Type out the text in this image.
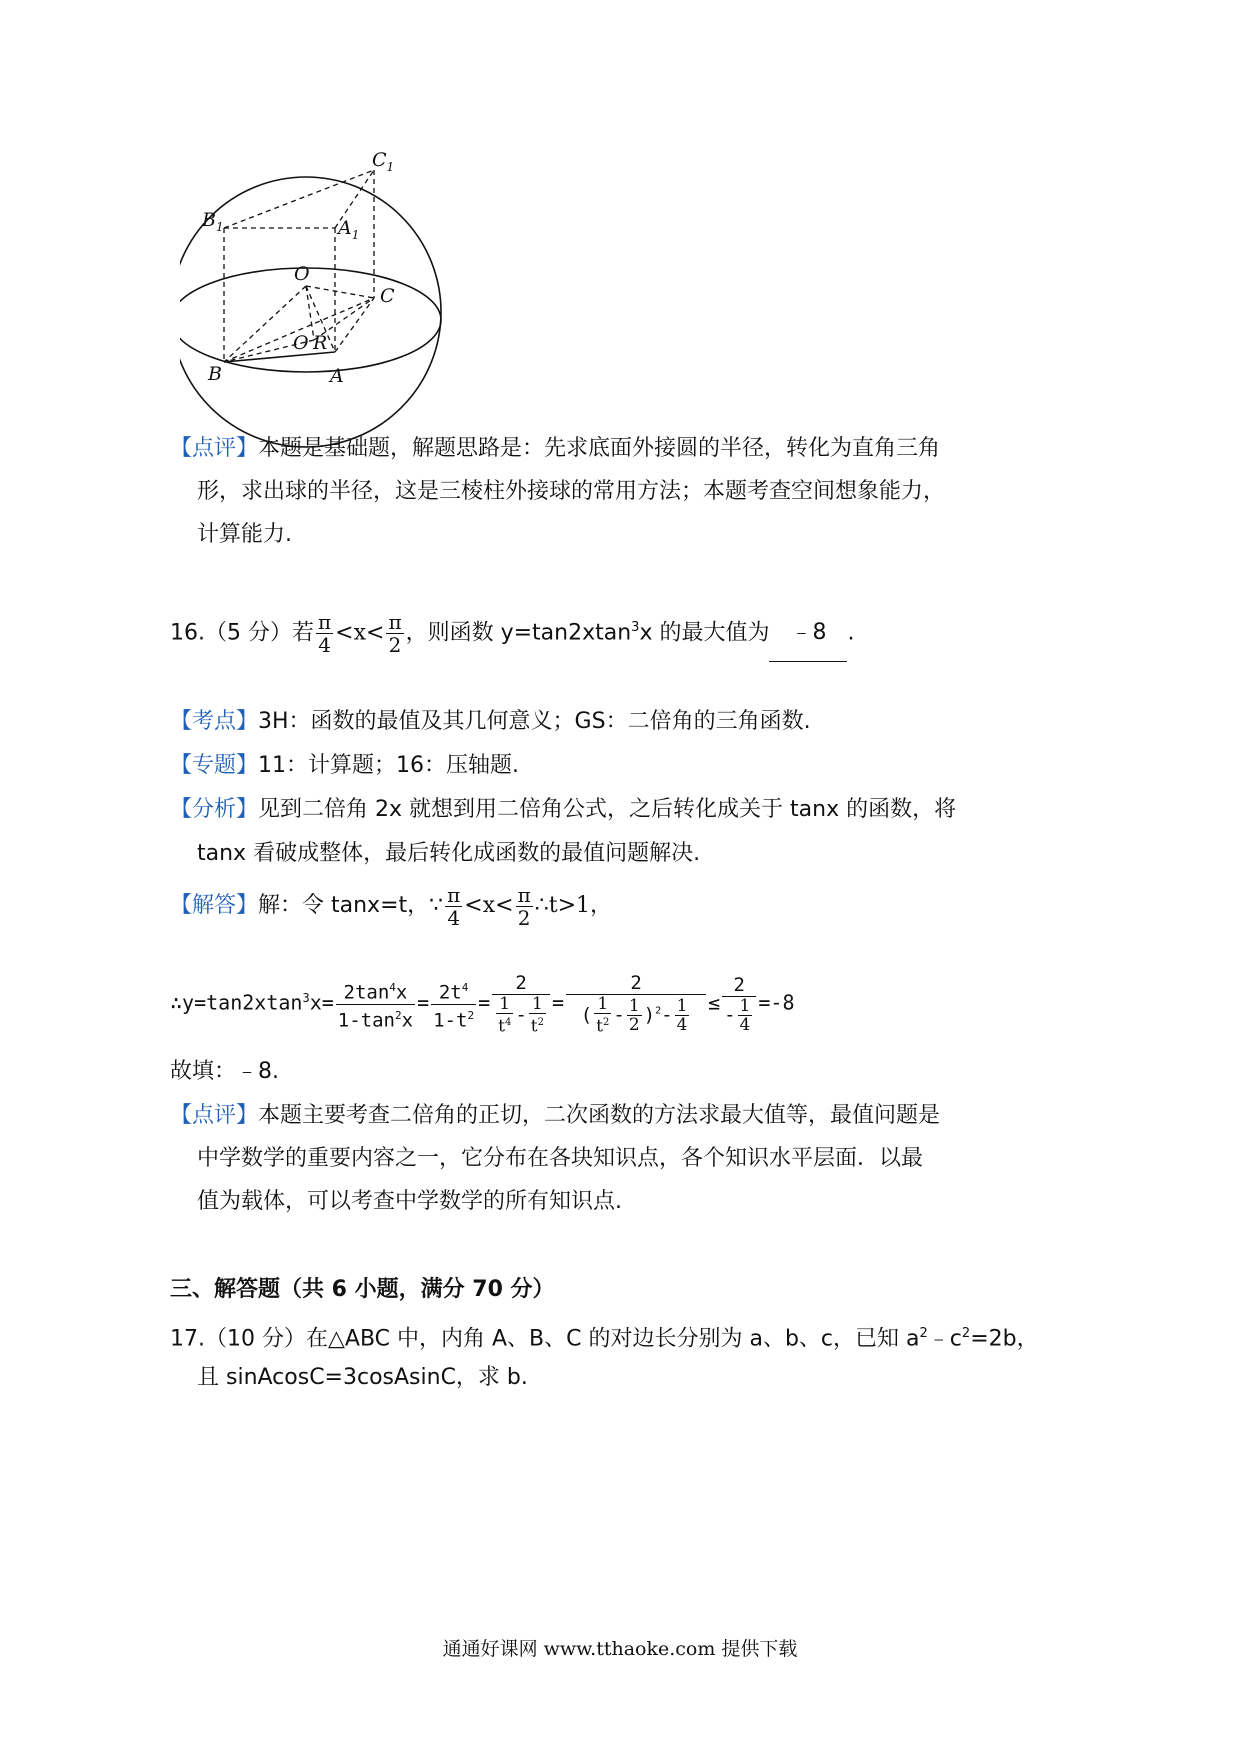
$C_1$
$B_1$	$A_1$
O
C
O R
B	A
【点评】本题是基础题，解题思路是：先求底面外接圆的半径，转化为直角三角
形，求出球的半径，这是三棱柱外接球的常用方法；本题考查空间想象能力，
计算能力.
16.（5 分）若 $\frac{\pi}{4} <x< \frac{\pi}{2}$ ，则函数 y=tan2xtan$^3$x 的最大值为 ﹣8 .
【考点】3H：函数的最值及其几何意义；GS：二倍角的三角函数.
【专题】11：计算题；16：压轴题.
【分析】见到二倍角 2x 就想到用二倍角公式，之后转化成关于 tanx 的函数，将
tanx 看破成整体，最后转化成函数的最值问题解决.
【解答】解：令 tanx=t，∵ $\frac{\pi}{4} <x< \frac{\pi}{2}$ ∴t>1，
∴y=tan2xtan$^3$x= $\frac{2\tan^4x}{1-\tan^2x} = \frac{2t^4}{1-t^2} = \frac{2}{\frac{1}{t^4} - \frac{1}{t^2}} = \frac{2}{( \frac{1}{t^2} - \frac{1}{2} )^2- \frac{1}{4}} \le \frac{2}{- \frac{1}{4}} =-8$
故填：﹣8.
【点评】本题主要考查二倍角的正切，二次函数的方法求最大值等，最值问题是
中学数学的重要内容之一，它分布在各块知识点，各个知识水平层面．以最
值为载体，可以考查中学数学的所有知识点.
三、解答题（共 6 小题，满分 70 分）
17.（10 分）在△ABC 中，内角 A、B、C 的对边长分别为 a、b、c，已知 $a^2﹣c^2=2b$，
且 sinAcosC=3cosAsinC，求 b.
通通好课网 www.tthaoke.com 提供下载
